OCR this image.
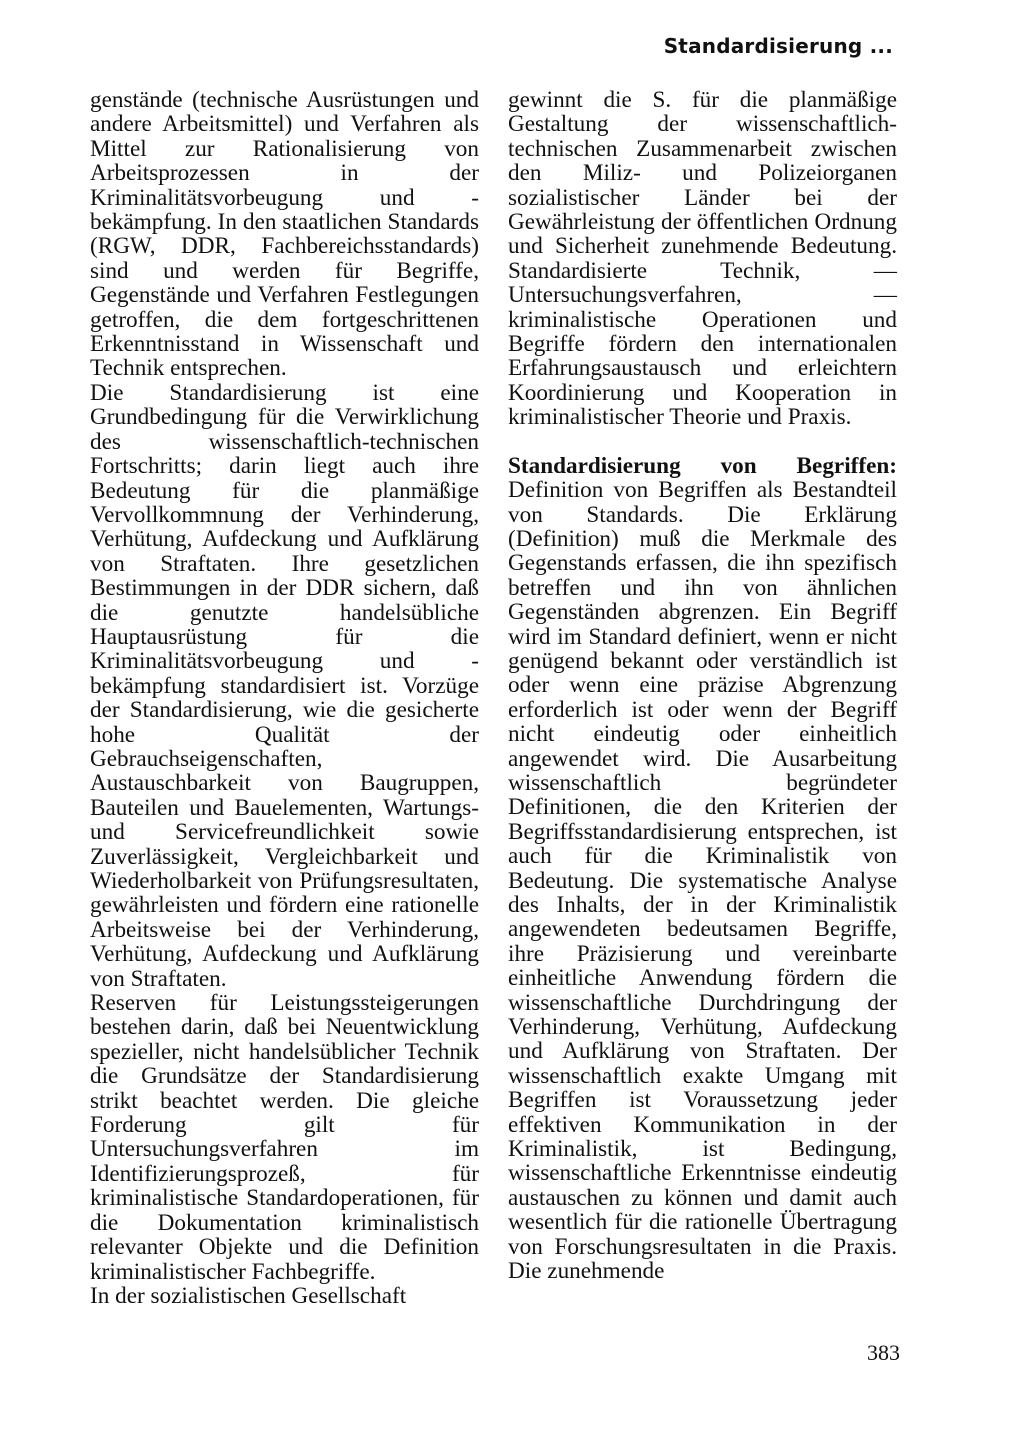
Standardisierung ...

genstände (technische Ausrüstungen und andere Arbeitsmittel) und Verfahren als Mittel zur Rationalisierung von Arbeitsprozessen in der Kriminalitätsvorbeugung und -bekämpfung. In den staatlichen Standards (RGW, DDR, Fachbereichsstandards) sind und werden für Begriffe, Gegenstände und Verfahren Festlegungen getroffen, die dem fortgeschrittenen Erkenntnisstand in Wissenschaft und Technik entsprechen.

Die Standardisierung ist eine Grundbedingung für die Verwirklichung des wissenschaftlich-technischen Fortschritts; darin liegt auch ihre Bedeutung für die planmäßige Vervollkommnung der Verhinderung, Verhütung, Aufdeckung und Aufklärung von Straftaten. Ihre gesetzlichen Bestimmungen in der DDR sichern, daß die genutzte handelsübliche Hauptausrüstung für die Kriminalitätsvorbeugung und -bekämpfung standardisiert ist. Vorzüge der Standardisierung, wie die gesicherte hohe Qualität der Gebrauchseigenschaften, Austauschbarkeit von Baugruppen, Bauteilen und Bauelementen, Wartungs- und Servicefreundlichkeit sowie Zuverlässigkeit, Vergleichbarkeit und Wiederholbarkeit von Prüfungsresultaten, gewährleisten und fördern eine rationelle Arbeitsweise bei der Verhinderung, Verhütung, Aufdeckung und Aufklärung von Straftaten.

Reserven für Leistungssteigerungen bestehen darin, daß bei Neuentwicklung spezieller, nicht handelsüblicher Technik die Grundsätze der Standardisierung strikt beachtet werden. Die gleiche Forderung gilt für Untersuchungsverfahren im Identifizierungsprozeß, für kriminalistische Standardoperationen, für die Dokumentation kriminalistisch relevanter Objekte und die Definition kriminalistischer Fachbegriffe.

In der sozialistischen Gesellschaft

gewinnt die S. für die planmäßige Gestaltung der wissenschaftlich-technischen Zusammenarbeit zwischen den Miliz- und Polizeiorganen sozialistischer Länder bei der Gewährleistung der öffentlichen Ordnung und Sicherheit zunehmende Bedeutung. Standardisierte Technik, — Untersuchungsverfahren, — kriminalistische Operationen und Begriffe fördern den internationalen Erfahrungsaustausch und erleichtern Koordinierung und Kooperation in kriminalistischer Theorie und Praxis.

Standardisierung von Begriffen: Definition von Begriffen als Bestandteil von Standards. Die Erklärung (Definition) muß die Merkmale des Gegenstands erfassen, die ihn spezifisch betreffen und ihn von ähnlichen Gegenständen abgrenzen. Ein Begriff wird im Standard definiert, wenn er nicht genügend bekannt oder verständlich ist oder wenn eine präzise Abgrenzung erforderlich ist oder wenn der Begriff nicht eindeutig oder einheitlich angewendet wird. Die Ausarbeitung wissenschaftlich begründeter Definitionen, die den Kriterien der Begriffsstandardisierung entsprechen, ist auch für die Kriminalistik von Bedeutung. Die systematische Analyse des Inhalts, der in der Kriminalistik angewendeten bedeutsamen Begriffe, ihre Präzisierung und vereinbarte einheitliche Anwendung fördern die wissenschaftliche Durchdringung der Verhinderung, Verhütung, Aufdeckung und Aufklärung von Straftaten. Der wissenschaftlich exakte Umgang mit Begriffen ist Voraussetzung jeder effektiven Kommunikation in der Kriminalistik, ist Bedingung, wissenschaftliche Erkenntnisse eindeutig austauschen zu können und damit auch wesentlich für die rationelle Übertragung von Forschungsresultaten in die Praxis. Die zunehmende

383
